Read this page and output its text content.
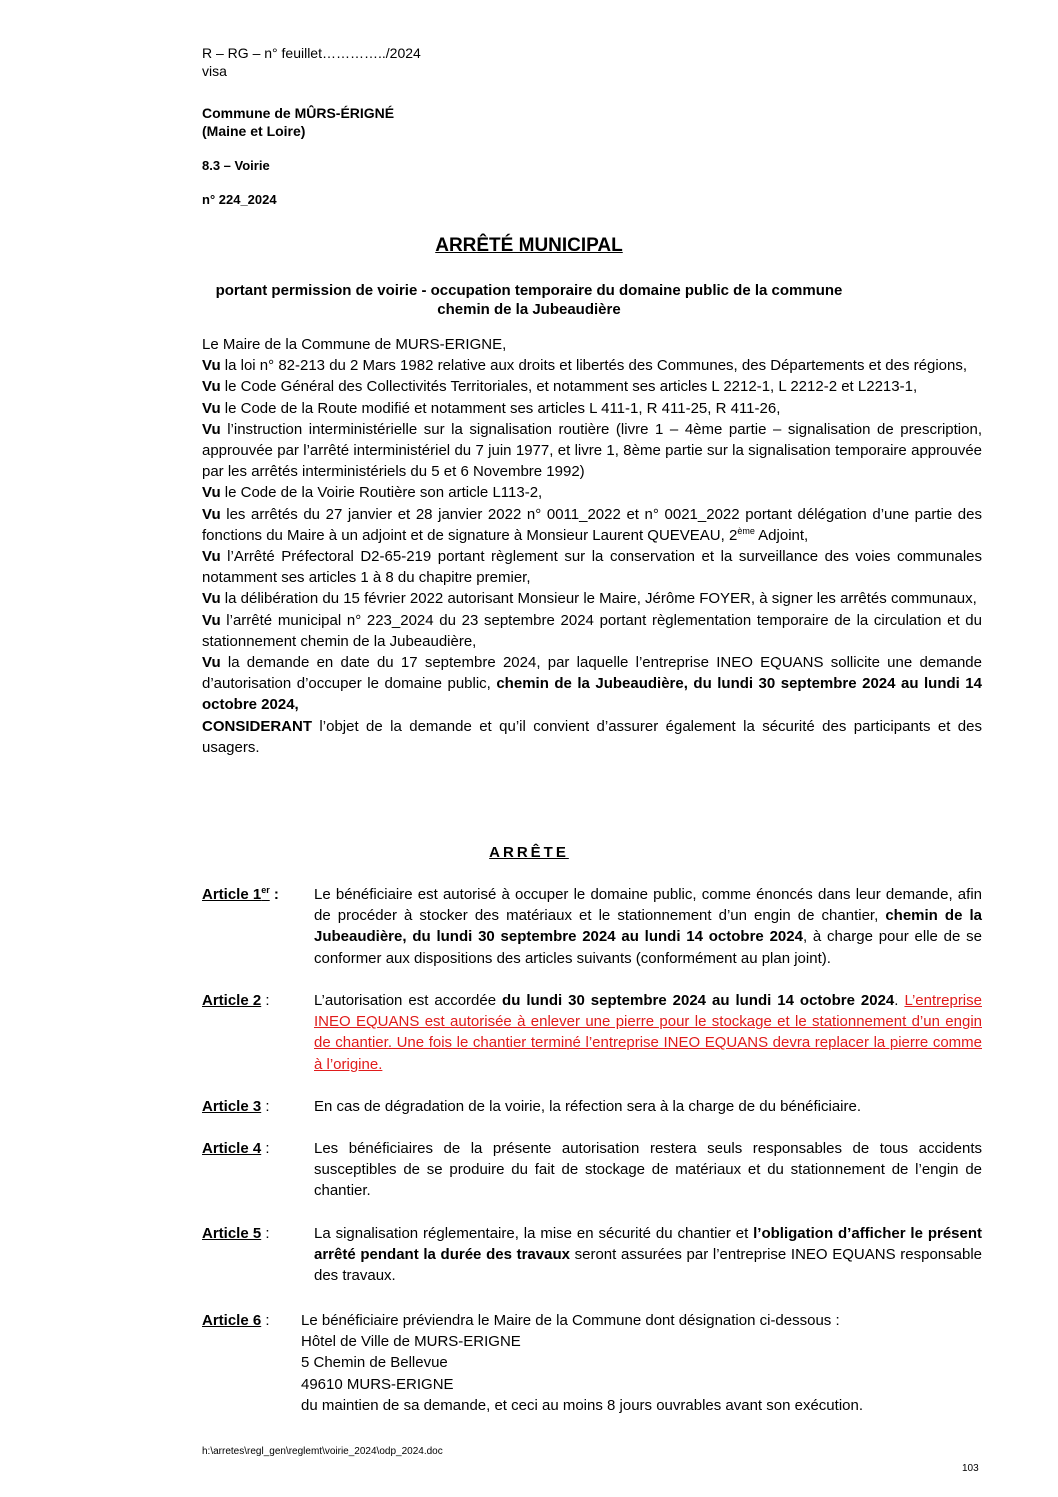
R – RG – n° feuillet…………../2024
visa
Commune de MÛRS-ÉRIGNÉ
(Maine et Loire)
8.3 – Voirie
n° 224_2024
ARRÊTÉ MUNICIPAL
portant permission de voirie - occupation temporaire du domaine public de la commune
chemin de la Jubeaudière

Le Maire de la Commune de MURS-ERIGNE,

Vu la loi n° 82-213 du 2 Mars 1982 relative aux droits et libertés des Communes, des Départements et des régions,

Vu le Code Général des Collectivités Territoriales, et notamment ses articles L 2212-1, L 2212-2 et L2213-1,

Vu le Code de la Route modifié et notamment ses articles L 411-1, R 411-25, R 411-26,

Vu l’instruction interministérielle sur la signalisation routière (livre 1 – 4ème partie – signalisation de prescription, approuvée par l’arrêté interministériel du 7 juin 1977, et livre 1, 8ème partie sur la signalisation temporaire approuvée par les arrêtés interministériels du 5 et 6 Novembre 1992)

Vu le Code de la Voirie Routière son article L113-2,

Vu les arrêtés du 27 janvier et 28 janvier 2022 n° 0011_2022 et n° 0021_2022 portant délégation d’une partie des fonctions du Maire à un adjoint et de signature à Monsieur Laurent QUEVEAU, 2ème Adjoint,

Vu l’Arrêté Préfectoral D2-65-219 portant règlement sur la conservation et la surveillance des voies communales notamment ses articles 1 à 8 du chapitre premier,

Vu la délibération du 15 février 2022 autorisant Monsieur le Maire, Jérôme FOYER, à signer les arrêtés communaux,

Vu l’arrêté municipal n° 223_2024 du 23 septembre 2024 portant règlementation temporaire de la circulation et du stationnement chemin de la Jubeaudière,

Vu la demande en date du 17 septembre 2024, par laquelle l’entreprise INEO EQUANS sollicite une demande d’autorisation d’occuper le domaine public, chemin de la Jubeaudière, du lundi 30 septembre 2024 au lundi 14 octobre 2024,

CONSIDERANT l’objet de la demande et qu’il convient d’assurer également la sécurité des participants et des usagers.

ARRÊTE
Article 1er : Le bénéficiaire est autorisé à occuper le domaine public, comme énoncés dans leur demande, afin de procéder à stocker des matériaux et le stationnement d’un engin de chantier, chemin de la Jubeaudière, du lundi 30 septembre 2024 au lundi 14 octobre 2024, à charge pour elle de se conformer aux dispositions des articles suivants (conformément au plan joint).
Article 2 :	L’autorisation est accordée du lundi 30 septembre 2024 au lundi 14 octobre 2024. L’entreprise INEO EQUANS est autorisée à enlever une pierre pour le stockage et le stationnement d’un engin de chantier. Une fois le chantier terminé l’entreprise INEO EQUANS devra replacer la pierre comme à l’origine.
Article 3 :	En cas de dégradation de la voirie, la réfection sera à la charge de du bénéficiaire.
Article 4 :	Les bénéficiaires de la présente autorisation restera seuls responsables de tous accidents susceptibles de se produire du fait de stockage de matériaux et du stationnement de l’engin de chantier.
Article 5 :	La signalisation réglementaire, la mise en sécurité du chantier et l’obligation d’afficher le présent arrêté pendant la durée des travaux seront assurées par l’entreprise INEO EQUANS responsable des travaux.
Article 6 : Le bénéficiaire préviendra le Maire de la Commune dont désignation ci-dessous :
Hôtel de Ville de MURS-ERIGNE
5 Chemin de Bellevue
49610 MURS-ERIGNE
du maintien de sa demande, et ceci au moins 8 jours ouvrables avant son exécution.
h:\arretes\regl_gen\reglemt\voirie_2024\odp_2024.doc
103
